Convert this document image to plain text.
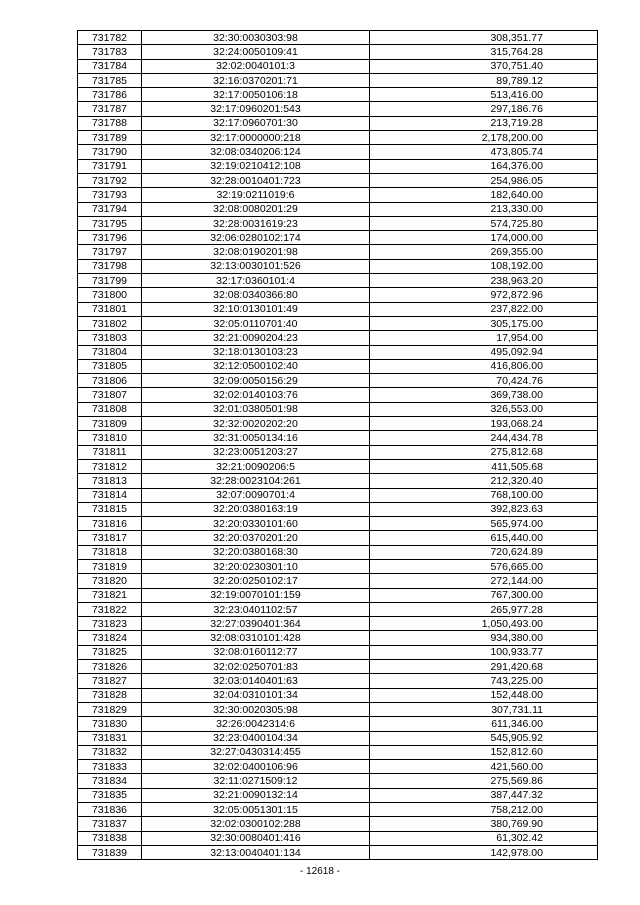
731782	32:30:0030303:98	308,351.77
731783	32:24:0050109:41	315,764.28
731784	32:02:0040101:3	370,751.40
731785	32:16:0370201:71	89,789.12
731786	32:17:0050106:18	513,416.00
731787	32:17:0960201:543	297,186.76
731788	32:17:0960701:30	213,719.28
731789	32:17:0000000:218	2,178,200.00
731790	32:08:0340206:124	473,805.74
731791	32:19:0210412:108	164,376.00
731792	32:28:0010401:723	254,986.05
731793	32:19:0211019:6	182,640.00
731794	32:08:0080201:29	213,330.00
731795	32:28:0031619:23	574,725.80
731796	32:06:0280102:174	174,000.00
731797	32:08:0190201:98	269,355.00
731798	32:13:0030101:526	108,192.00
731799	32:17:0360101:4	238,963.20
731800	32:08:0340366:80	972,872.96
731801	32:10:0130101:49	237,822.00
731802	32:05:0110701:40	305,175.00
731803	32:21:0090204:23	17,954.00
731804	32:18:0130103:23	495,092.94
731805	32:12:0500102:40	416,806.00
731806	32:09:0050156:29	70,424.76
731807	32:02:0140103:76	369,738.00
731808	32:01:0380501:98	326,553.00
731809	32:32:0020202:20	193,068.24
731810	32:31:0050134:16	244,434.78
731811	32:23:0051203:27	275,812.68
731812	32:21:0090206:5	411,505.68
731813	32:28:0023104:261	212,320.40
731814	32:07:0090701:4	768,100.00
731815	32:20:0380163:19	392,823.63
731816	32:20:0330101:60	565,974.00
731817	32:20:0370201:20	615,440.00
731818	32:20:0380168:30	720,624.89
731819	32:20:0230301:10	576,665.00
731820	32:20:0250102:17	272,144.00
731821	32:19:0070101:159	767,300.00
731822	32:23:0401102:57	265,977.28
731823	32:27:0390401:364	1,050,493.00
731824	32:08:0310101:428	934,380.00
731825	32:08:0160112:77	100,933.77
731826	32:02:0250701:83	291,420.68
731827	32:03:0140401:63	743,225.00
731828	32:04:0310101:34	152,448.00
731829	32:30:0020305:98	307,731.11
731830	32:26:0042314:6	611,346.00
731831	32:23:0400104:34	545,905.92
731832	32:27:0430314:455	152,812.60
731833	32:02:0400106:96	421,560.00
731834	32:11:0271509:12	275,569.86
731835	32:21:0090132:14	387,447.32
731836	32:05:0051301:15	758,212.00
731837	32:02:0300102:288	380,769.90
731838	32:30:0080401:416	61,302.42
731839	32:13:0040401:134	142,978.00
- 12618 -
